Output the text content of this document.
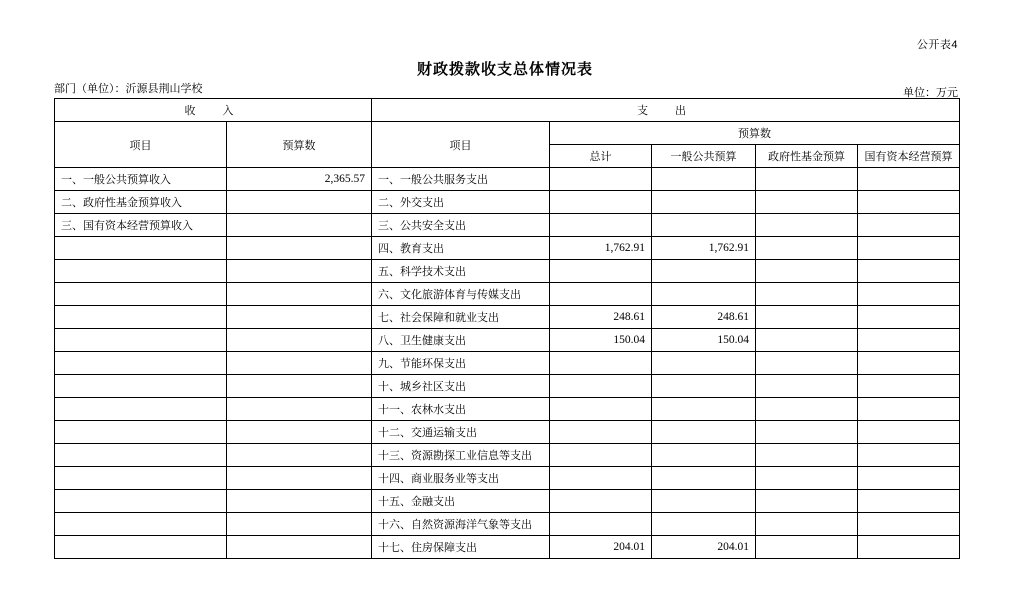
公开表4
财政拨款收支总体情况表
部门（单位）：沂源县荆山学校	单位：万元
收　入		支　出				
项目	预算数	项目	预算数			
			总计	一般公共预算	政府性基金预算	国有资本经营预算
一、一般公共预算收入	2,365.57	一、一般公共服务支出				
二、政府性基金预算收入		二、外交支出				
三、国有资本经营预算收入		三、公共安全支出				
		四、教育支出	1,762.91	1,762.91		
		五、科学技术支出				
		六、文化旅游体育与传媒支出				
		七、社会保障和就业支出	248.61	248.61		
		八、卫生健康支出	150.04	150.04		
		九、节能环保支出				
		十、城乡社区支出				
		十一、农林水支出				
		十二、交通运输支出				
		十三、资源勘探工业信息等支出				
		十四、商业服务业等支出				
		十五、金融支出				
		十六、自然资源海洋气象等支出				
		十七、住房保障支出	204.01	204.01		
